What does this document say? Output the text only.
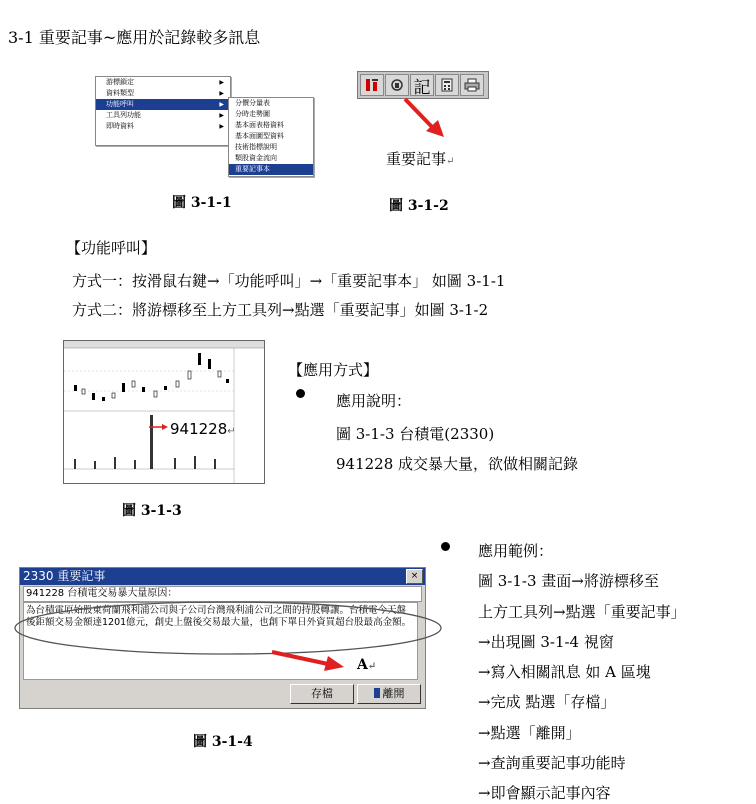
3-1 重要記事~應用於記錄較多訊息
游標鎖定	▶
資料類型	▶
功能呼叫	▶
工具列功能	▶
即時資料	▶
分價分量表
分時走勢圖
基本面表格資料
基本面圖型資料
技術指標說明
類股資金流向
重要記事本
圖 3-1-1
記
重要記事↵
圖 3-1-2
【功能呼叫】
方式一：按滑鼠右鍵→「功能呼叫」→「重要記事本」 如圖 3-1-1
方式二：將游標移至上方工具列→點選「重要記事」如圖 3-1-2
941228↵
圖 3-1-3
【應用方式】
應用說明：
圖 3-1-3 台積電(2330)
941228 成交暴大量，欲做相關記錄
2330 重要記事	×
941228 台積電交易暴大量原因：
為台積電原始股東荷蘭飛利浦公司與子公司台灣飛利浦公司之間的持股轉讓。台積電今天盤後鉅額交易金額達1201億元，創史上盤後交易最大量，也創下單日外資買超台股最高金額。
存檔	離開
A↵
圖 3-1-4
應用範例：
圖 3-1-3 畫面→將游標移至
上方工具列→點選「重要記事」
→出現圖 3-1-4 視窗
→寫入相關訊息 如 A 區塊
→完成 點選「存檔」
→點選「離開」
→查詢重要記事功能時
→即會顯示記事內容
